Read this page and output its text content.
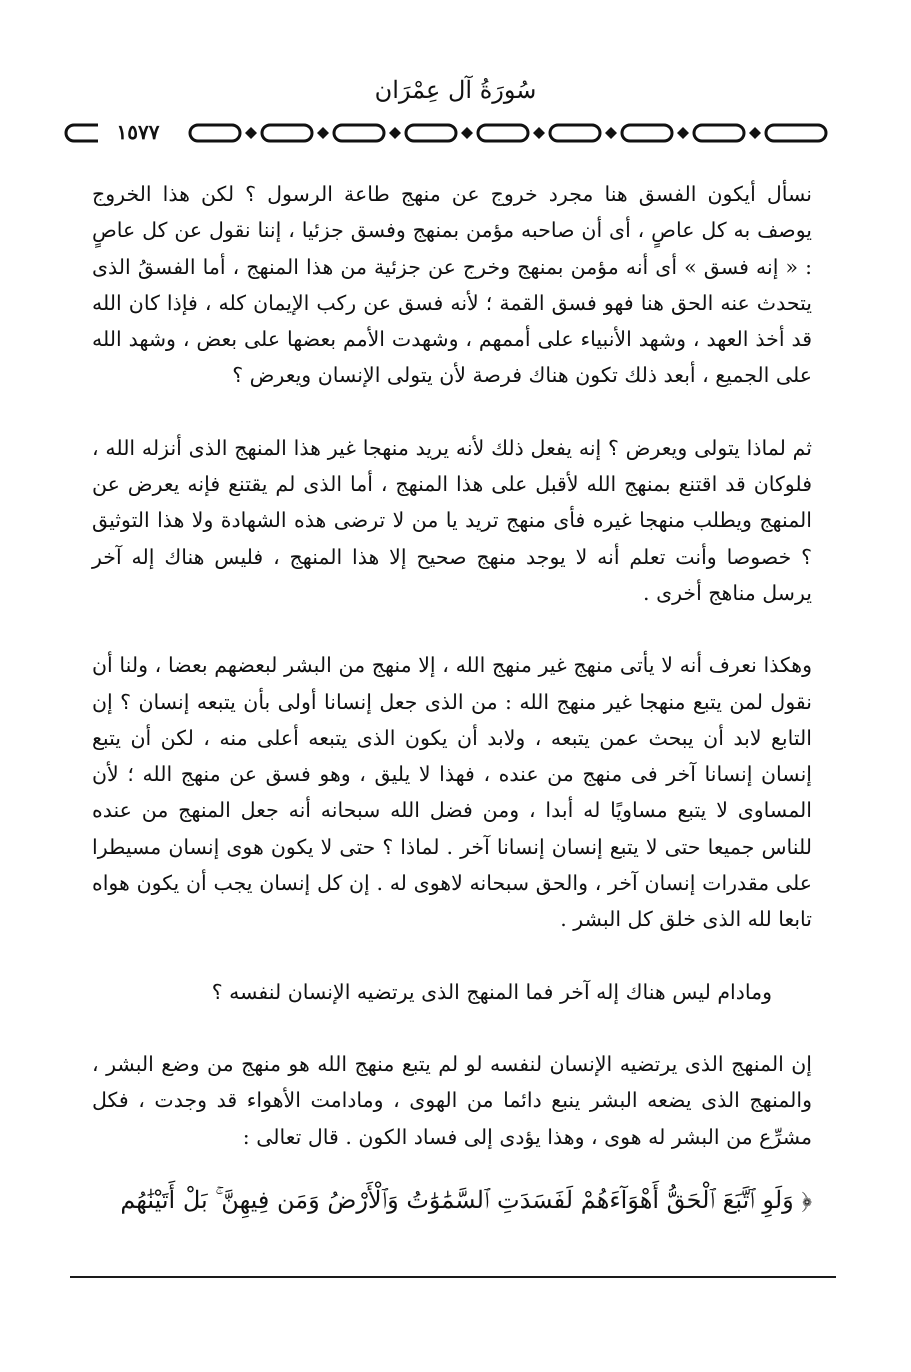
سُورَةُ آل عِمْرَان
١٥٧٧

نسأل أيكون الفسق هنا مجرد خروج عن منهج طاعة الرسول ؟ لكن هذا الخروج يوصف به كل عاصٍ ، أى أن صاحبه مؤمن بمنهج وفسق جزئيا ، إننا نقول عن كل عاصٍ : « إنه فسق » أى أنه مؤمن بمنهج وخرج عن جزئية من هذا المنهج ، أما الفسقُ الذى يتحدث عنه الحق هنا فهو فسق القمة ؛ لأنه فسق عن ركب الإيمان كله ، فإذا كان الله قد أخذ العهد ، وشهد الأنبياء على أممهم ، وشهدت الأمم بعضها على بعض ، وشهد الله على الجميع ، أبعد ذلك تكون هناك فرصة لأن يتولى الإنسان ويعرض ؟

ثم لماذا يتولى ويعرض ؟ إنه يفعل ذلك لأنه يريد منهجا غير هذا المنهج الذى أنزله الله ، فلوكان قد اقتنع بمنهج الله لأقبل على هذا المنهج ، أما الذى لم يقتنع فإنه يعرض عن المنهج ويطلب منهجا غيره فأى منهج تريد يا من لا ترضى هذه الشهادة ولا هذا التوثيق ؟ خصوصا وأنت تعلم أنه لا يوجد منهج صحيح إلا هذا المنهج ، فليس هناك إله آخر يرسل مناهج أخرى .

وهكذا نعرف أنه لا يأتى منهج غير منهج الله ، إلا منهج من البشر لبعضهم بعضا ، ولنا أن نقول لمن يتبع منهجا غير منهج الله : من الذى جعل إنسانا أولى بأن يتبعه إنسان ؟ إن التابع لابد أن يبحث عمن يتبعه ، ولابد أن يكون الذى يتبعه أعلى منه ، لكن أن يتبع إنسان إنسانا آخر فى منهج من عنده ، فهذا لا يليق ، وهو فسق عن منهج الله ؛ لأن المساوى لا يتبع مساويًا له أبدا ، ومن فضل الله سبحانه أنه جعل المنهج من عنده للناس جميعا حتى لا يتبع إنسان إنسانا آخر . لماذا ؟ حتى لا يكون هوى إنسان مسيطرا على مقدرات إنسان آخر ، والحق سبحانه لاهوى له . إن كل إنسان يجب أن يكون هواه تابعا لله الذى خلق كل البشر .

ومادام ليس هناك إله آخر فما المنهج الذى يرتضيه الإنسان لنفسه ؟

إن المنهج الذى يرتضيه الإنسان لنفسه لو لم يتبع منهج الله هو منهج من وضع البشر ، والمنهج الذى يضعه البشر ينبع دائما من الهوى ، ومادامت الأهواء قد وجدت ، فكل مشرِّع من البشر له هوى ، وهذا يؤدى إلى فساد الكون . قال تعالى :

﴿ وَلَوِ ٱتَّبَعَ ٱلْحَقُّ أَهْوَآءَهُمْ لَفَسَدَتِ ٱلسَّمَٰوَٰتُ وَٱلْأَرْضُ وَمَن فِيهِنَّ ۚ بَلْ أَتَيْنَٰهُم
